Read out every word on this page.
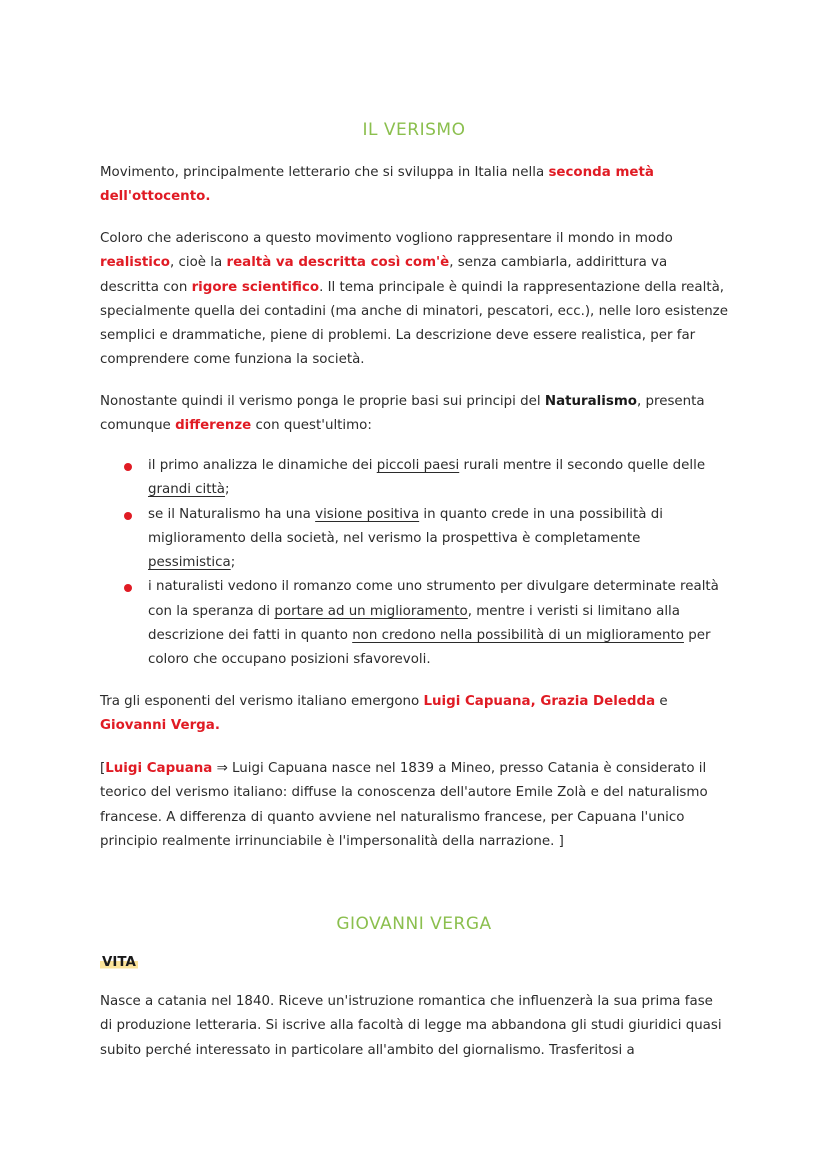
IL VERISMO
Movimento, principalmente letterario che si sviluppa in Italia nella seconda metà dell'ottocento.
Coloro che aderiscono a questo movimento vogliono rappresentare il mondo in modo realistico, cioè la realtà va descritta così com'è, senza cambiarla, addirittura va descritta con rigore scientifico. Il tema principale è quindi la rappresentazione della realtà, specialmente quella dei contadini (ma anche di minatori, pescatori, ecc.), nelle loro esistenze semplici e drammatiche, piene di problemi. La descrizione deve essere realistica, per far comprendere come funziona la società.
Nonostante quindi il verismo ponga le proprie basi sui principi del Naturalismo, presenta comunque differenze con quest'ultimo:
il primo analizza le dinamiche dei piccoli paesi rurali mentre il secondo quelle delle grandi città;
se il Naturalismo ha una visione positiva in quanto crede in una possibilità di miglioramento della società, nel verismo la prospettiva è completamente pessimistica;
i naturalisti vedono il romanzo come uno strumento per divulgare determinate realtà con la speranza di portare ad un miglioramento, mentre i veristi si limitano alla descrizione dei fatti in quanto non credono nella possibilità di un miglioramento per coloro che occupano posizioni sfavorevoli.
Tra gli esponenti del verismo italiano emergono Luigi Capuana, Grazia Deledda e Giovanni Verga.
[Luigi Capuana ⇒ Luigi Capuana nasce nel 1839 a Mineo, presso Catania è considerato il teorico del verismo italiano: diffuse la conoscenza dell'autore Emile Zolà e del naturalismo francese. A differenza di quanto avviene nel naturalismo francese, per Capuana l'unico principio realmente irrinunciabile è l'impersonalità della narrazione. ]
GIOVANNI VERGA
VITA
Nasce a catania nel 1840. Riceve un'istruzione romantica che influenzerà la sua prima fase di produzione letteraria. Si iscrive alla facoltà di legge ma abbandona gli studi giuridici quasi subito perché interessato in particolare all'ambito del giornalismo. Trasferitosi a
